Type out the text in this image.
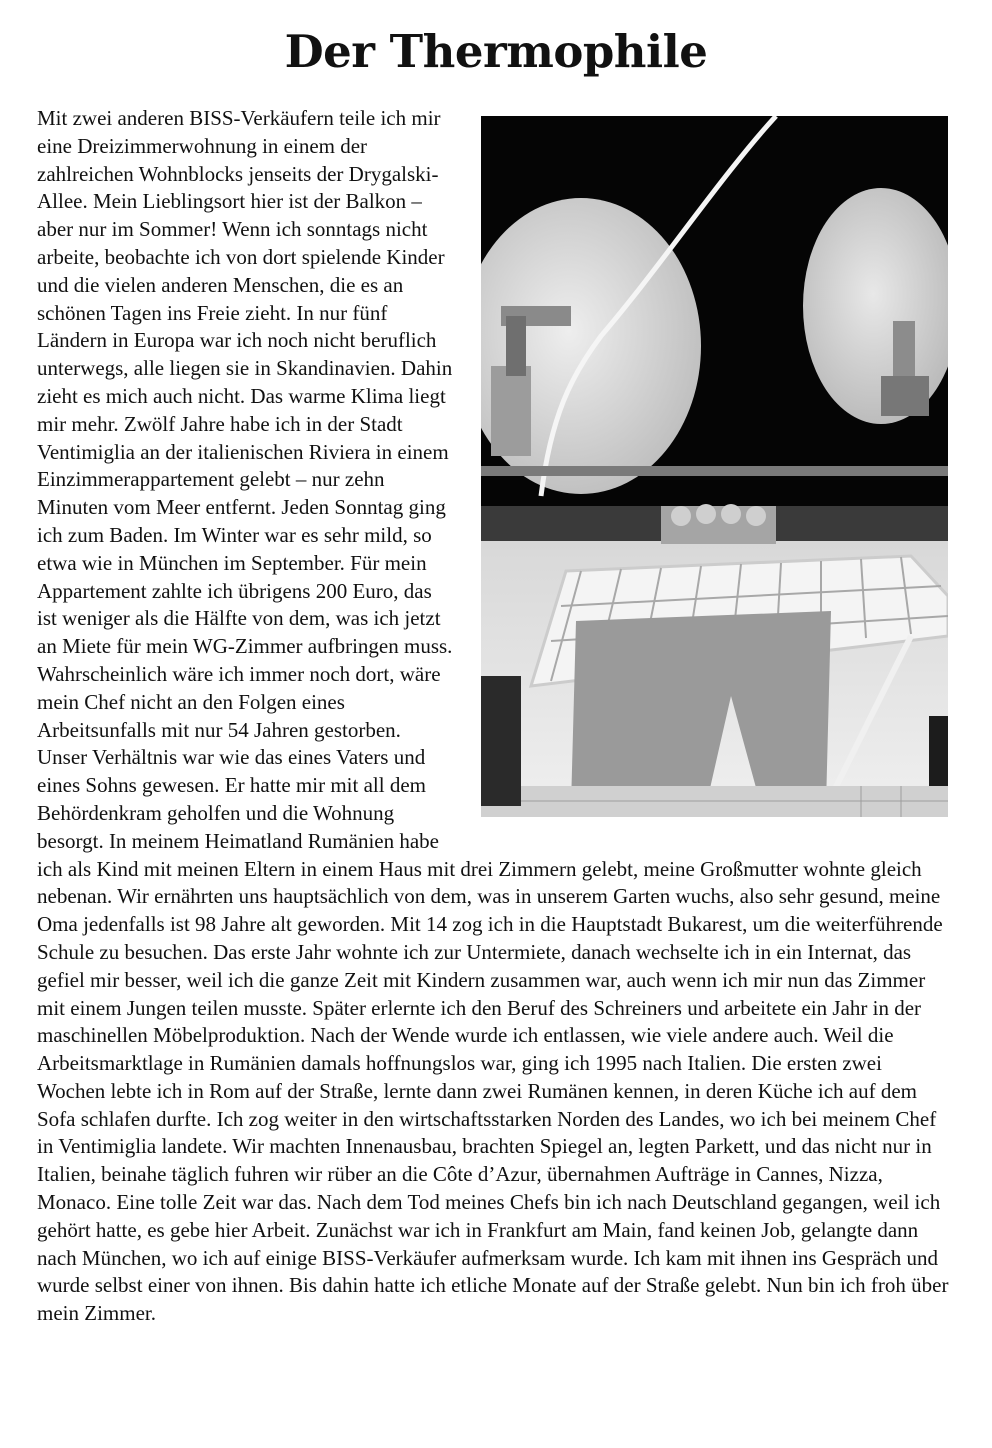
Der Thermophile
Mit zwei anderen BISS-Verkäufern teile ich mir eine Dreizimmerwohnung in einem der zahlreichen Wohnblocks jenseits der Drygalski-Allee. Mein Lieblingsort hier ist der Balkon – aber nur im Sommer! Wenn ich sonntags nicht arbeite, beobachte ich von dort spielende Kinder und die vielen anderen Menschen, die es an schönen Tagen ins Freie zieht. In nur fünf Ländern in Europa war ich noch nicht beruflich unterwegs, alle liegen sie in Skandinavien. Dahin zieht es mich auch nicht. Das warme Klima liegt mir mehr. Zwölf Jahre habe ich in der Stadt Ventimiglia an der italienischen Riviera in einem Einzimmerappartement gelebt – nur zehn Minuten vom Meer entfernt. Jeden Sonntag ging ich zum Baden. Im Winter war es sehr mild, so etwa wie in München im September. Für mein Appartement zahlte ich übrigens 200 Euro, das ist weniger als die Hälfte von dem, was ich jetzt an Miete für mein WG-Zimmer aufbringen muss. Wahrscheinlich wäre ich immer noch dort, wäre mein Chef nicht an den Folgen eines Arbeitsunfalls mit nur 54 Jahren gestorben. Unser Verhältnis war wie das eines Vaters und eines Sohns gewesen. Er hatte mir mit all dem Behördenkram geholfen und die Wohnung besorgt. In meinem Heimatland Rumänien habe ich als Kind mit meinen Eltern in einem Haus mit drei Zimmern gelebt, meine Großmutter wohnte gleich nebenan. Wir ernährten uns hauptsächlich von dem, was in unserem Garten wuchs, also sehr gesund, meine Oma jedenfalls ist 98 Jahre alt geworden. Mit 14 zog ich in die Hauptstadt Bukarest, um die weiterführende Schule zu besuchen. Das erste Jahr wohnte ich zur Untermiete, danach wechselte ich in ein Internat, das gefiel mir besser, weil ich die ganze Zeit mit Kindern zusammen war, auch wenn ich mir nun das Zimmer mit einem Jungen teilen musste. Später erlernte ich den Beruf des Schreiners und arbeitete ein Jahr in der maschinellen Möbelproduktion. Nach der Wende wurde ich entlassen, wie viele andere auch. Weil die Arbeitsmarktlage in Rumänien damals hoffnungslos war, ging ich 1995 nach Italien. Die ersten zwei Wochen lebte ich in Rom auf der Straße, lernte dann zwei Rumänen kennen, in deren Küche ich auf dem Sofa schlafen durfte. Ich zog weiter in den wirtschaftsstarken Norden des Landes, wo ich bei meinem Chef in Ventimiglia landete. Wir machten Innenausbau, brachten Spiegel an, legten Parkett, und das nicht nur in Italien, beinahe täglich fuhren wir rüber an die Côte d’Azur, übernahmen Aufträge in Cannes, Nizza, Monaco. Eine tolle Zeit war das. Nach dem Tod meines Chefs bin ich nach Deutschland gegangen, weil ich gehört hatte, es gebe hier Arbeit. Zunächst war ich in Frankfurt am Main, fand keinen Job, gelangte dann nach München, wo ich auf einige BISS-Verkäufer aufmerksam wurde. Ich kam mit ihnen ins Gespräch und wurde selbst einer von ihnen. Bis dahin hatte ich etliche Monate auf der Straße gelebt. Nun bin ich froh über mein Zimmer.
